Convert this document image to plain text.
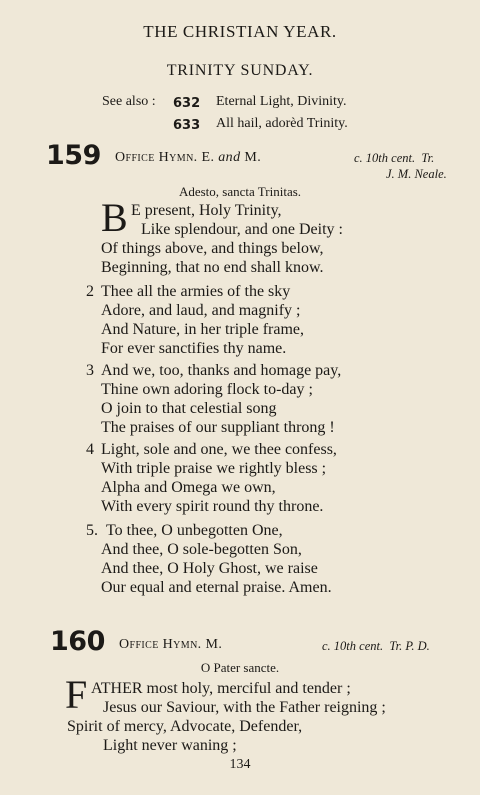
THE CHRISTIAN YEAR.
TRINITY SUNDAY.
See also : 632 Eternal Light, Divinity.
633 All hail, adorèd Trinity.
159 Office Hymn. E. and M.	c. 10th cent. Tr.
J. M. Neale.
Adesto, sancta Trinitas.
B E present, Holy Trinity,
Like splendour, and one Deity :
Of things above, and things below,
Beginning, that no end shall know.
2 Thee all the armies of the sky
Adore, and laud, and magnify ;
And Nature, in her triple frame,
For ever sanctifies thy name.
3 And we, too, thanks and homage pay,
Thine own adoring flock to-day ;
O join to that celestial song
The praises of our suppliant throng !
4 Light, sole and one, we thee confess,
With triple praise we rightly bless ;
Alpha and Omega we own,
With every spirit round thy throne.
5. To thee, O unbegotten One,
And thee, O sole-begotten Son,
And thee, O Holy Ghost, we raise
Our equal and eternal praise. Amen.
160 Office Hymn. M.	c. 10th cent. Tr. P. D.
O Pater sancte.
F ATHER most holy, merciful and tender ;
Jesus our Saviour, with the Father reigning ;
Spirit of mercy, Advocate, Defender,
Light never waning ;
134
